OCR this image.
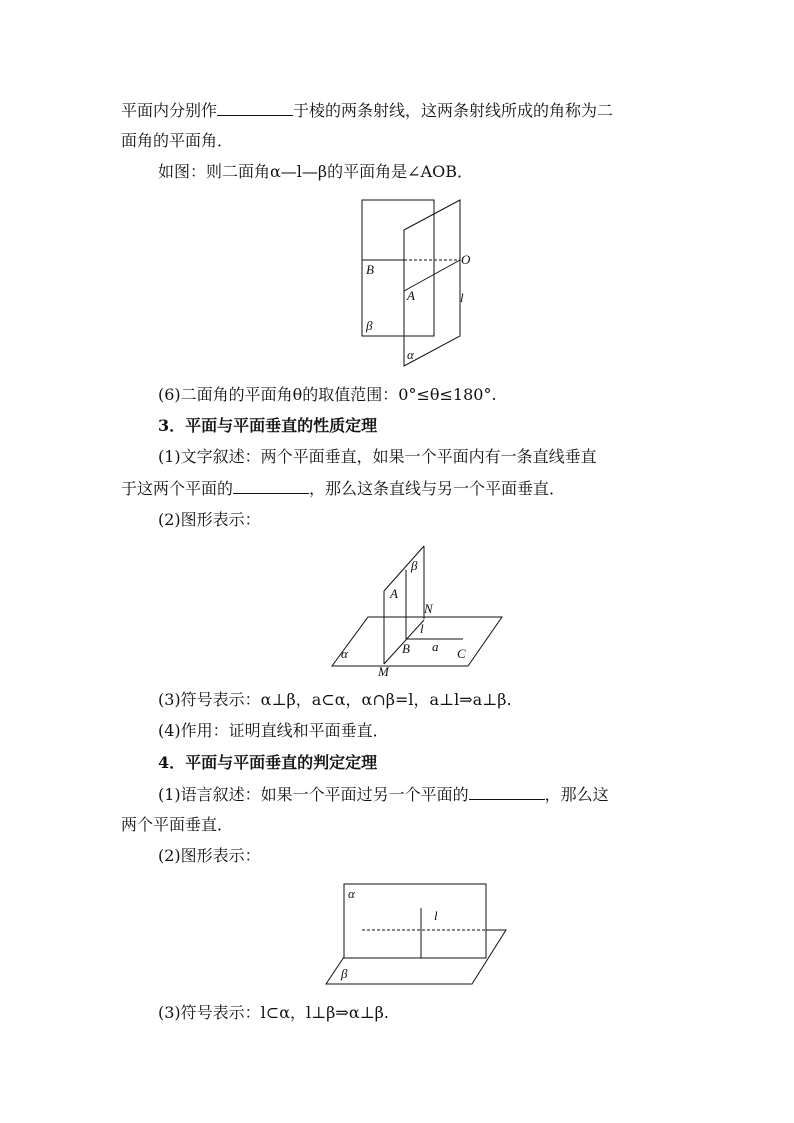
平面内分别作	于棱的两条射线，这两条射线所成的角称为二
面角的平面角．
如图：则二面角α—l—β的平面角是∠AOB．
B
O
A	l
β
α
(6)二面角的平面角θ的取值范围：0°≤θ≤180°.
3．平面与平面垂直的性质定理
(1)文字叙述：两个平面垂直，如果一个平面内有一条直线垂直
于这两个平面的	，那么这条直线与另一个平面垂直．
(2)图形表示：
β
A
N
l
B a C
α
M
(3)符号表示：α⊥β，a⊂α，α∩β=l，a⊥l⇒a⊥β.
(4)作用：证明直线和平面垂直．
4．平面与平面垂直的判定定理
(1)语言叙述：如果一个平面过另一个平面的	，那么这
两个平面垂直．
(2)图形表示：
α
l
β
(3)符号表示：l⊂α，l⊥β⇒α⊥β.
